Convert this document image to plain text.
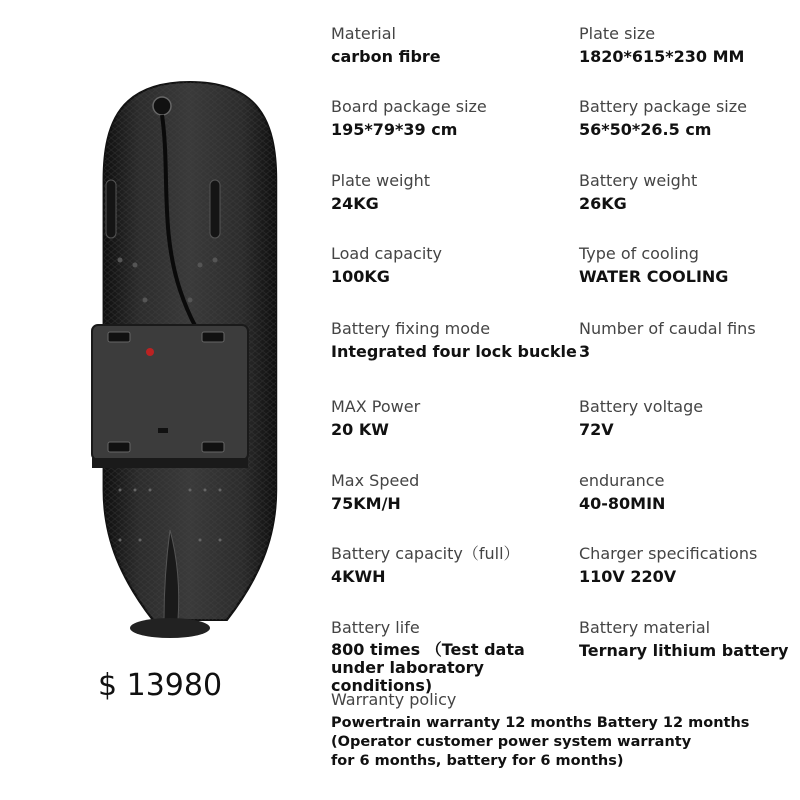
$ 13980
Material
carbon fibre
Board package size
195*79*39 cm
Plate weight
24KG
Load capacity
100KG
Battery fixing mode
Integrated four lock buckle
MAX Power
20 KW
Max Speed
75KM/H
Battery capacity（full）
4KWH
Battery life
800 times （Test data under laboratory conditions)
Plate size
1820*615*230 MM
Battery package size
56*50*26.5 cm
Battery weight
26KG
Type of cooling
WATER COOLING
Number of caudal fins
3
Battery voltage
72V
endurance
40-80MIN
Charger specifications
110V 220V
Battery material
Ternary lithium battery
Warranty policy
Powertrain warranty 12 months Battery 12 months
(Operator customer power system warranty
for 6 months, battery for 6 months)
